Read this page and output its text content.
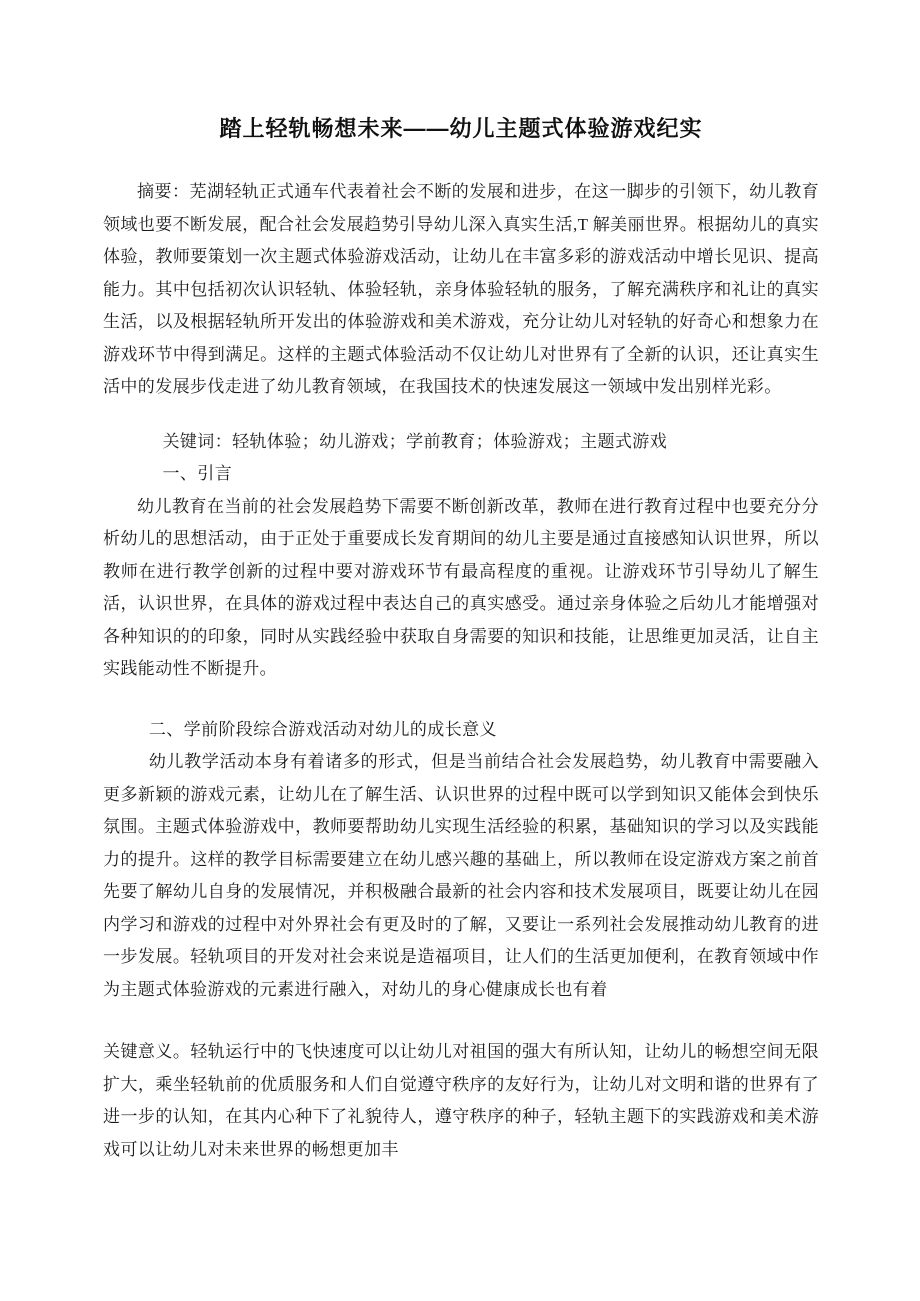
踏上轻轨畅想未来——幼儿主题式体验游戏纪实

摘要：芜湖轻轨正式通车代表着社会不断的发展和进步，在这一脚步的引领下，幼儿教育领域也要不断发展，配合社会发展趋势引导幼儿深入真实生活,T 解美丽世界。根据幼儿的真实体验，教师要策划一次主题式体验游戏活动，让幼儿在丰富多彩的游戏活动中增长见识、提高能力。其中包括初次认识轻轨、体验轻轨，亲身体验轻轨的服务，了解充满秩序和礼让的真实生活，以及根据轻轨所开发出的体验游戏和美术游戏，充分让幼儿对轻轨的好奇心和想象力在游戏环节中得到满足。这样的主题式体验活动不仅让幼儿对世界有了全新的认识，还让真实生活中的发展步伐走进了幼儿教育领域，在我国技术的快速发展这一领域中发出别样光彩。

关键词：轻轨体验；幼儿游戏；学前教育；体验游戏；主题式游戏

一、引言

幼儿教育在当前的社会发展趋势下需要不断创新改革，教师在进行教育过程中也要充分分析幼儿的思想活动，由于正处于重要成长发育期间的幼儿主要是通过直接感知认识世界，所以教师在进行教学创新的过程中要对游戏环节有最高程度的重视。让游戏环节引导幼儿了解生活，认识世界，在具体的游戏过程中表达自己的真实感受。通过亲身体验之后幼儿才能增强对各种知识的的印象，同时从实践经验中获取自身需要的知识和技能，让思维更加灵活，让自主实践能动性不断提升。

二、学前阶段综合游戏活动对幼儿的成长意义

幼儿教学活动本身有着诸多的形式，但是当前结合社会发展趋势，幼儿教育中需要融入更多新颖的游戏元素，让幼儿在了解生活、认识世界的过程中既可以学到知识又能体会到快乐氛围。主题式体验游戏中，教师要帮助幼儿实现生活经验的积累，基础知识的学习以及实践能力的提升。这样的教学目标需要建立在幼儿感兴趣的基础上，所以教师在设定游戏方案之前首先要了解幼儿自身的发展情况，并积极融合最新的社会内容和技术发展项目，既要让幼儿在园内学习和游戏的过程中对外界社会有更及时的了解，又要让一系列社会发展推动幼儿教育的进一步发展。轻轨项目的开发对社会来说是造福项目，让人们的生活更加便利，在教育领域中作为主题式体验游戏的元素进行融入，对幼儿的身心健康成长也有着

关键意义。轻轨运行中的飞快速度可以让幼儿对祖国的强大有所认知，让幼儿的畅想空间无限扩大，乘坐轻轨前的优质服务和人们自觉遵守秩序的友好行为，让幼儿对文明和谐的世界有了进一步的认知，在其内心种下了礼貌待人，遵守秩序的种子，轻轨主题下的实践游戏和美术游戏可以让幼儿对未来世界的畅想更加丰
